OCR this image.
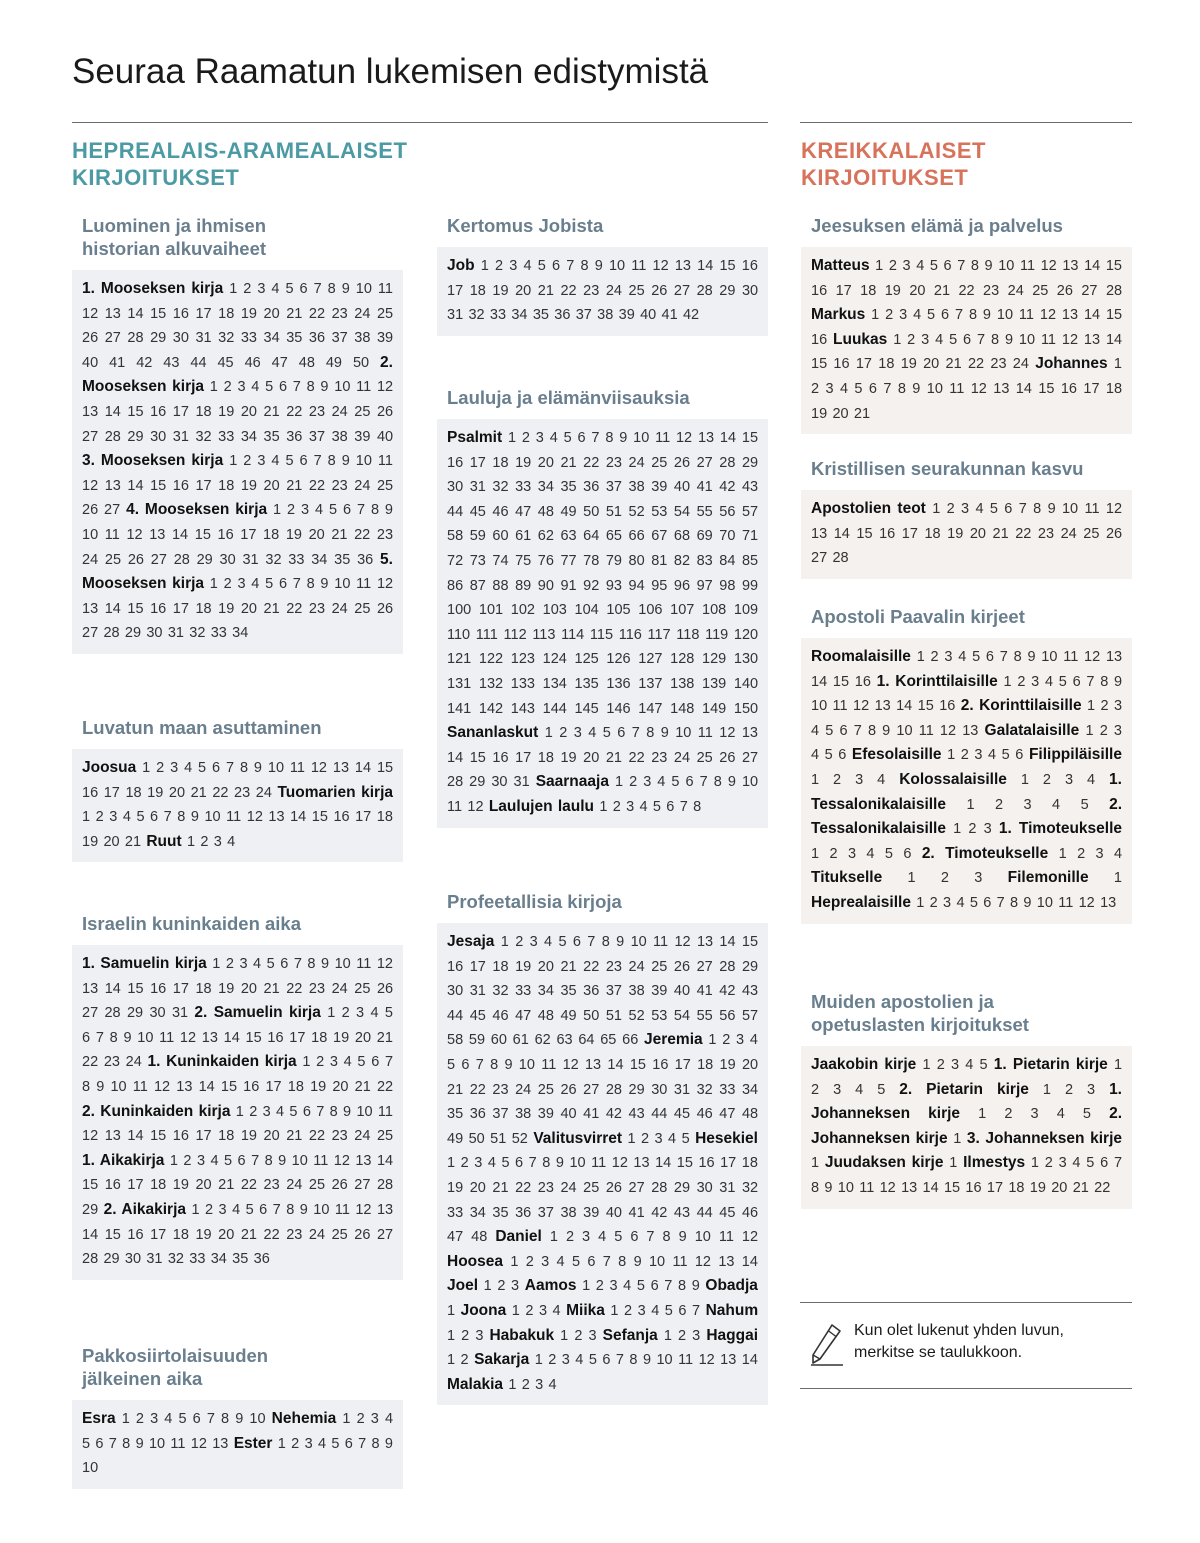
Seuraa Raamatun lukemisen edistymistä
HEPREALAIS-ARAMEALAISET
KIRJOITUKSET
KREIKKALAISET
KIRJOITUKSET
Luominen ja ihmisen
historian alkuvaiheet
1. Mooseksen kirja 1 2 3 4 5 6 7 8 9 10 11 12 13 14 15 16 17 18 19 20 21 22 23 24 25 26 27 28 29 30 31 32 33 34 35 36 37 38 39 40 41 42 43 44 45 46 47 48 49 50 2. Mooseksen kirja 1 2 3 4 5 6 7 8 9 10 11 12 13 14 15 16 17 18 19 20 21 22 23 24 25 26 27 28 29 30 31 32 33 34 35 36 37 38 39 40 3. Mooseksen kirja 1 2 3 4 5 6 7 8 9 10 11 12 13 14 15 16 17 18 19 20 21 22 23 24 25 26 27 4. Mooseksen kirja 1 2 3 4 5 6 7 8 9 10 11 12 13 14 15 16 17 18 19 20 21 22 23 24 25 26 27 28 29 30 31 32 33 34 35 36 5. Mooseksen kirja 1 2 3 4 5 6 7 8 9 10 11 12 13 14 15 16 17 18 19 20 21 22 23 24 25 26 27 28 29 30 31 32 33 34
Luvatun maan asuttaminen
Joosua 1 2 3 4 5 6 7 8 9 10 11 12 13 14 15 16 17 18 19 20 21 22 23 24 Tuomarien kirja 1 2 3 4 5 6 7 8 9 10 11 12 13 14 15 16 17 18 19 20 21 Ruut 1 2 3 4
Israelin kuninkaiden aika
1. Samuelin kirja 1 2 3 4 5 6 7 8 9 10 11 12 13 14 15 16 17 18 19 20 21 22 23 24 25 26 27 28 29 30 31 2. Samuelin kirja 1 2 3 4 5 6 7 8 9 10 11 12 13 14 15 16 17 18 19 20 21 22 23 24 1. Kuninkaiden kirja 1 2 3 4 5 6 7 8 9 10 11 12 13 14 15 16 17 18 19 20 21 22 2. Kuninkaiden kirja 1 2 3 4 5 6 7 8 9 10 11 12 13 14 15 16 17 18 19 20 21 22 23 24 25 1. Aikakirja 1 2 3 4 5 6 7 8 9 10 11 12 13 14 15 16 17 18 19 20 21 22 23 24 25 26 27 28 29 2. Aikakirja 1 2 3 4 5 6 7 8 9 10 11 12 13 14 15 16 17 18 19 20 21 22 23 24 25 26 27 28 29 30 31 32 33 34 35 36
Pakkosiirtolaisuuden
jälkeinen aika
Esra 1 2 3 4 5 6 7 8 9 10 Nehemia 1 2 3 4 5 6 7 8 9 10 11 12 13 Ester 1 2 3 4 5 6 7 8 9 10
Kertomus Jobista
Job 1 2 3 4 5 6 7 8 9 10 11 12 13 14 15 16 17 18 19 20 21 22 23 24 25 26 27 28 29 30 31 32 33 34 35 36 37 38 39 40 41 42
Lauluja ja elämänviisauksia
Psalmit 1 2 3 4 5 6 7 8 9 10 11 12 13 14 15 16 17 18 19 20 21 22 23 24 25 26 27 28 29 30 31 32 33 34 35 36 37 38 39 40 41 42 43 44 45 46 47 48 49 50 51 52 53 54 55 56 57 58 59 60 61 62 63 64 65 66 67 68 69 70 71 72 73 74 75 76 77 78 79 80 81 82 83 84 85 86 87 88 89 90 91 92 93 94 95 96 97 98 99 100 101 102 103 104 105 106 107 108 109 110 111 112 113 114 115 116 117 118 119 120 121 122 123 124 125 126 127 128 129 130 131 132 133 134 135 136 137 138 139 140 141 142 143 144 145 146 147 148 149 150 Sananlaskut 1 2 3 4 5 6 7 8 9 10 11 12 13 14 15 16 17 18 19 20 21 22 23 24 25 26 27 28 29 30 31 Saarnaaja 1 2 3 4 5 6 7 8 9 10 11 12 Laulujen laulu 1 2 3 4 5 6 7 8
Profeetallisia kirjoja
Jesaja 1 2 3 4 5 6 7 8 9 10 11 12 13 14 15 16 17 18 19 20 21 22 23 24 25 26 27 28 29 30 31 32 33 34 35 36 37 38 39 40 41 42 43 44 45 46 47 48 49 50 51 52 53 54 55 56 57 58 59 60 61 62 63 64 65 66 Jeremia 1 2 3 4 5 6 7 8 9 10 11 12 13 14 15 16 17 18 19 20 21 22 23 24 25 26 27 28 29 30 31 32 33 34 35 36 37 38 39 40 41 42 43 44 45 46 47 48 49 50 51 52 Valitusvirret 1 2 3 4 5 Hesekiel 1 2 3 4 5 6 7 8 9 10 11 12 13 14 15 16 17 18 19 20 21 22 23 24 25 26 27 28 29 30 31 32 33 34 35 36 37 38 39 40 41 42 43 44 45 46 47 48 Daniel 1 2 3 4 5 6 7 8 9 10 11 12 Hoosea 1 2 3 4 5 6 7 8 9 10 11 12 13 14 Joel 1 2 3 Aamos 1 2 3 4 5 6 7 8 9 Obadja 1 Joona 1 2 3 4 Miika 1 2 3 4 5 6 7 Nahum 1 2 3 Habakuk 1 2 3 Sefanja 1 2 3 Haggai 1 2 Sakarja 1 2 3 4 5 6 7 8 9 10 11 12 13 14 Malakia 1 2 3 4
Jeesuksen elämä ja palvelus
Matteus 1 2 3 4 5 6 7 8 9 10 11 12 13 14 15 16 17 18 19 20 21 22 23 24 25 26 27 28 Markus 1 2 3 4 5 6 7 8 9 10 11 12 13 14 15 16 Luukas 1 2 3 4 5 6 7 8 9 10 11 12 13 14 15 16 17 18 19 20 21 22 23 24 Johannes 1 2 3 4 5 6 7 8 9 10 11 12 13 14 15 16 17 18 19 20 21
Kristillisen seurakunnan kasvu
Apostolien teot 1 2 3 4 5 6 7 8 9 10 11 12 13 14 15 16 17 18 19 20 21 22 23 24 25 26 27 28
Apostoli Paavalin kirjeet
Roomalaisille 1 2 3 4 5 6 7 8 9 10 11 12 13 14 15 16 1. Korinttilaisille 1 2 3 4 5 6 7 8 9 10 11 12 13 14 15 16 2. Korinttilaisille 1 2 3 4 5 6 7 8 9 10 11 12 13 Galatalaisille 1 2 3 4 5 6 Efesolaisille 1 2 3 4 5 6 Filippiläisille 1 2 3 4 Kolossalaisille 1 2 3 4 1. Tessalonikalaisille 1 2 3 4 5 2. Tessalonikalaisille 1 2 3 1. Timoteukselle 1 2 3 4 5 6 2. Timoteukselle 1 2 3 4 Titukselle 1 2 3 Filemonille 1 Heprealaisille 1 2 3 4 5 6 7 8 9 10 11 12 13
Muiden apostolien ja
opetuslasten kirjoitukset
Jaakobin kirje 1 2 3 4 5 1. Pietarin kirje 1 2 3 4 5 2. Pietarin kirje 1 2 3 1. Johanneksen kirje 1 2 3 4 5 2. Johanneksen kirje 1 3. Johanneksen kirje 1 Juudaksen kirje 1 Ilmestys 1 2 3 4 5 6 7 8 9 10 11 12 13 14 15 16 17 18 19 20 21 22
Kun olet lukenut yhden luvun,
merkitse se taulukkoon.
